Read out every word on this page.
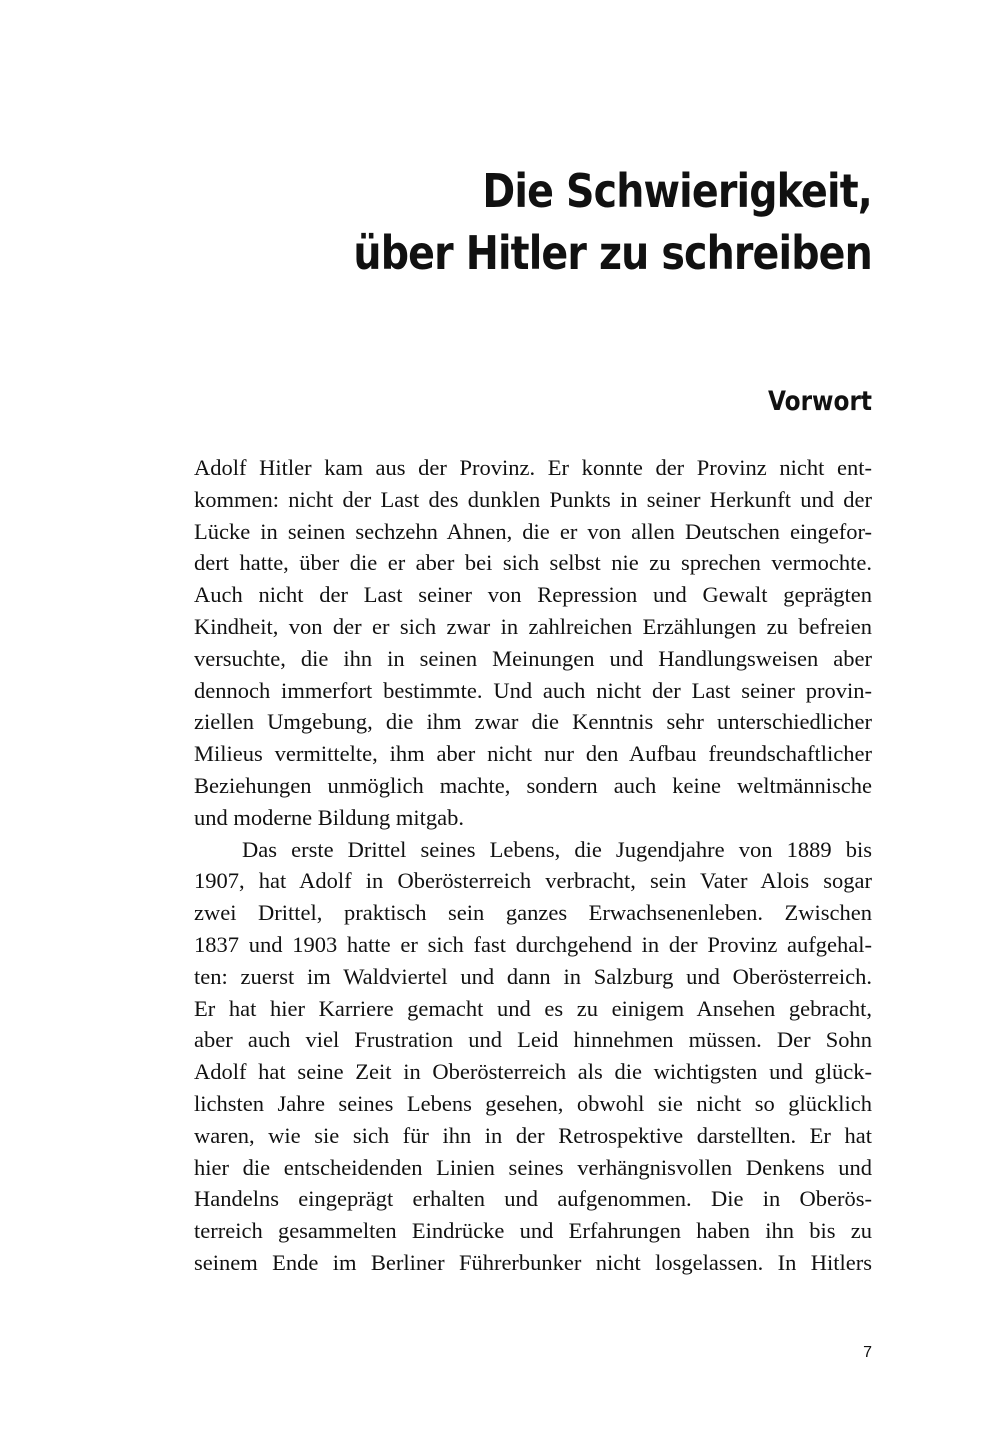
Die Schwierigkeit,
über Hitler zu schreiben
Vorwort

Adolf Hitler kam aus der Provinz. Er konnte der Provinz nicht ent-

kommen: nicht der Last des dunklen Punkts in seiner Herkunft und der

Lücke in seinen sechzehn Ahnen, die er von allen Deutschen eingefor-

dert hatte, über die er aber bei sich selbst nie zu sprechen vermochte.

Auch nicht der Last seiner von Repression und Gewalt geprägten

Kindheit, von der er sich zwar in zahlreichen Erzählungen zu befreien

versuchte, die ihn in seinen Meinungen und Handlungsweisen aber

dennoch immerfort bestimmte. Und auch nicht der Last seiner provin-

ziellen Umgebung, die ihm zwar die Kenntnis sehr unterschiedlicher

Milieus vermittelte, ihm aber nicht nur den Aufbau freundschaftlicher

Beziehungen unmöglich machte, sondern auch keine weltmännische

und moderne Bildung mitgab.

Das erste Drittel seines Lebens, die Jugendjahre von 1889 bis

1907, hat Adolf in Oberösterreich verbracht, sein Vater Alois sogar

zwei Drittel, praktisch sein ganzes Erwachsenenleben. Zwischen

1837 und 1903 hatte er sich fast durchgehend in der Provinz aufgehal-

ten: zuerst im Waldviertel und dann in Salzburg und Oberösterreich.

Er hat hier Karriere gemacht und es zu einigem Ansehen gebracht,

aber auch viel Frustration und Leid hinnehmen müssen. Der Sohn

Adolf hat seine Zeit in Oberösterreich als die wichtigsten und glück-

lichsten Jahre seines Lebens gesehen, obwohl sie nicht so glücklich

waren, wie sie sich für ihn in der Retrospektive darstellten. Er hat

hier die entscheidenden Linien seines verhängnisvollen Denkens und

Handelns eingeprägt erhalten und aufgenommen. Die in Oberös-

terreich gesammelten Eindrücke und Erfahrungen haben ihn bis zu

seinem Ende im Berliner Führerbunker nicht losgelassen. In Hitlers

7
